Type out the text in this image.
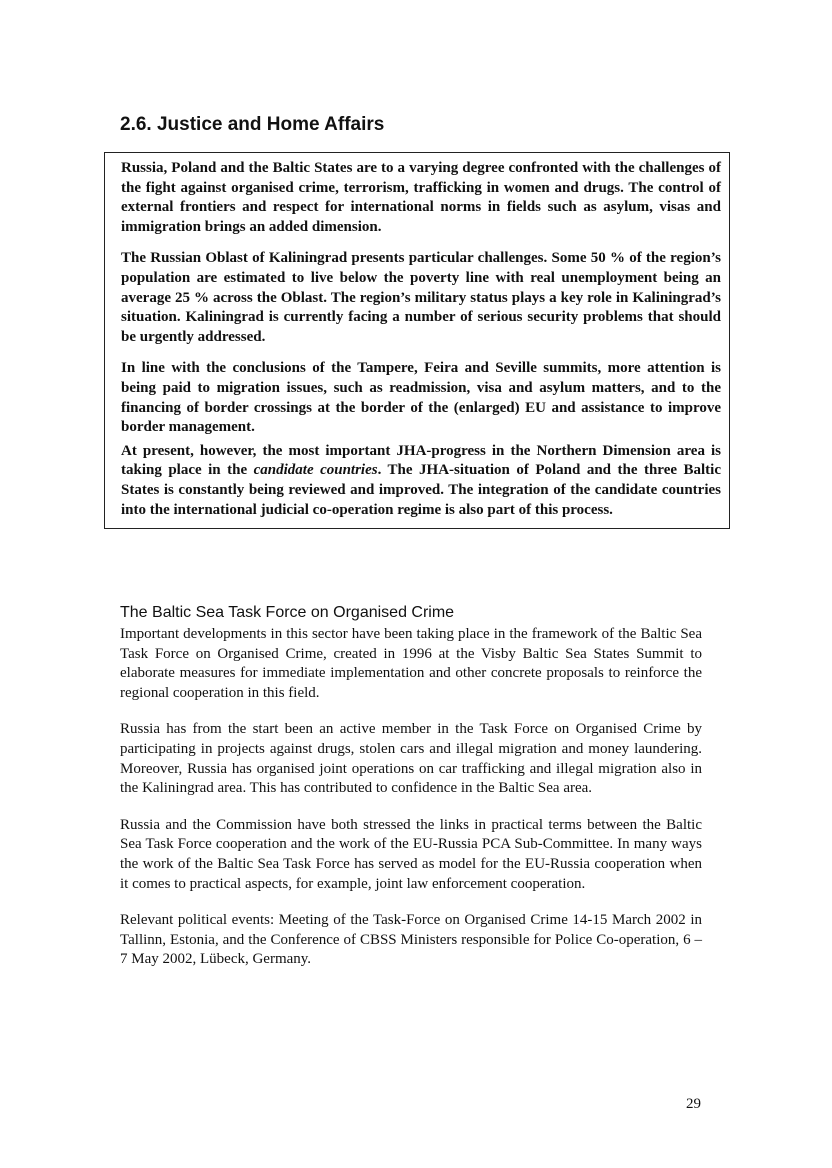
2.6. Justice and Home Affairs

Russia, Poland and the Baltic States are to a varying degree confronted with the challenges of the fight against organised crime, terrorism, trafficking in women and drugs. The control of external frontiers and respect for international norms in fields such as asylum, visas and immigration brings an added dimension.

The Russian Oblast of Kaliningrad presents particular challenges. Some 50 % of the region’s population are estimated to live below the poverty line with real unemployment being an average 25 % across the Oblast. The region’s military status plays a key role in Kaliningrad’s situation. Kaliningrad is currently facing a number of serious security problems that should be urgently addressed.

In line with the conclusions of the Tampere, Feira and Seville summits, more attention is being paid to migration issues, such as readmission, visa and asylum matters, and to the financing of border crossings at the border of the (enlarged) EU and assistance to improve border management.

At present, however, the most important JHA-progress in the Northern Dimension area is taking place in the candidate countries. The JHA-situation of Poland and the three Baltic States is constantly being reviewed and improved. The integration of the candidate countries into the international judicial co-operation regime is also part of this process.

The Baltic Sea Task Force on Organised Crime

Important developments in this sector have been taking place in the framework of the Baltic Sea Task Force on Organised Crime, created in 1996 at the Visby Baltic Sea States Summit to elaborate measures for immediate implementation and other concrete proposals to reinforce the regional cooperation in this field.

Russia has from the start been an active member in the Task Force on Organised Crime by participating in projects against drugs, stolen cars and illegal migration and money laundering. Moreover, Russia has organised joint operations on car trafficking and illegal migration also in the Kaliningrad area. This has contributed to confidence in the Baltic Sea area.

Russia and the Commission have both stressed the links in practical terms between the Baltic Sea Task Force cooperation and the work of the EU-Russia PCA Sub-Committee. In many ways the work of the Baltic Sea Task Force has served as model for the EU-Russia cooperation when it comes to practical aspects, for example, joint law enforcement cooperation.

Relevant political events: Meeting of the Task-Force on Organised Crime 14-15 March 2002 in Tallinn, Estonia, and the Conference of CBSS Ministers responsible for Police Co-operation, 6 – 7 May 2002, Lübeck, Germany.

29
